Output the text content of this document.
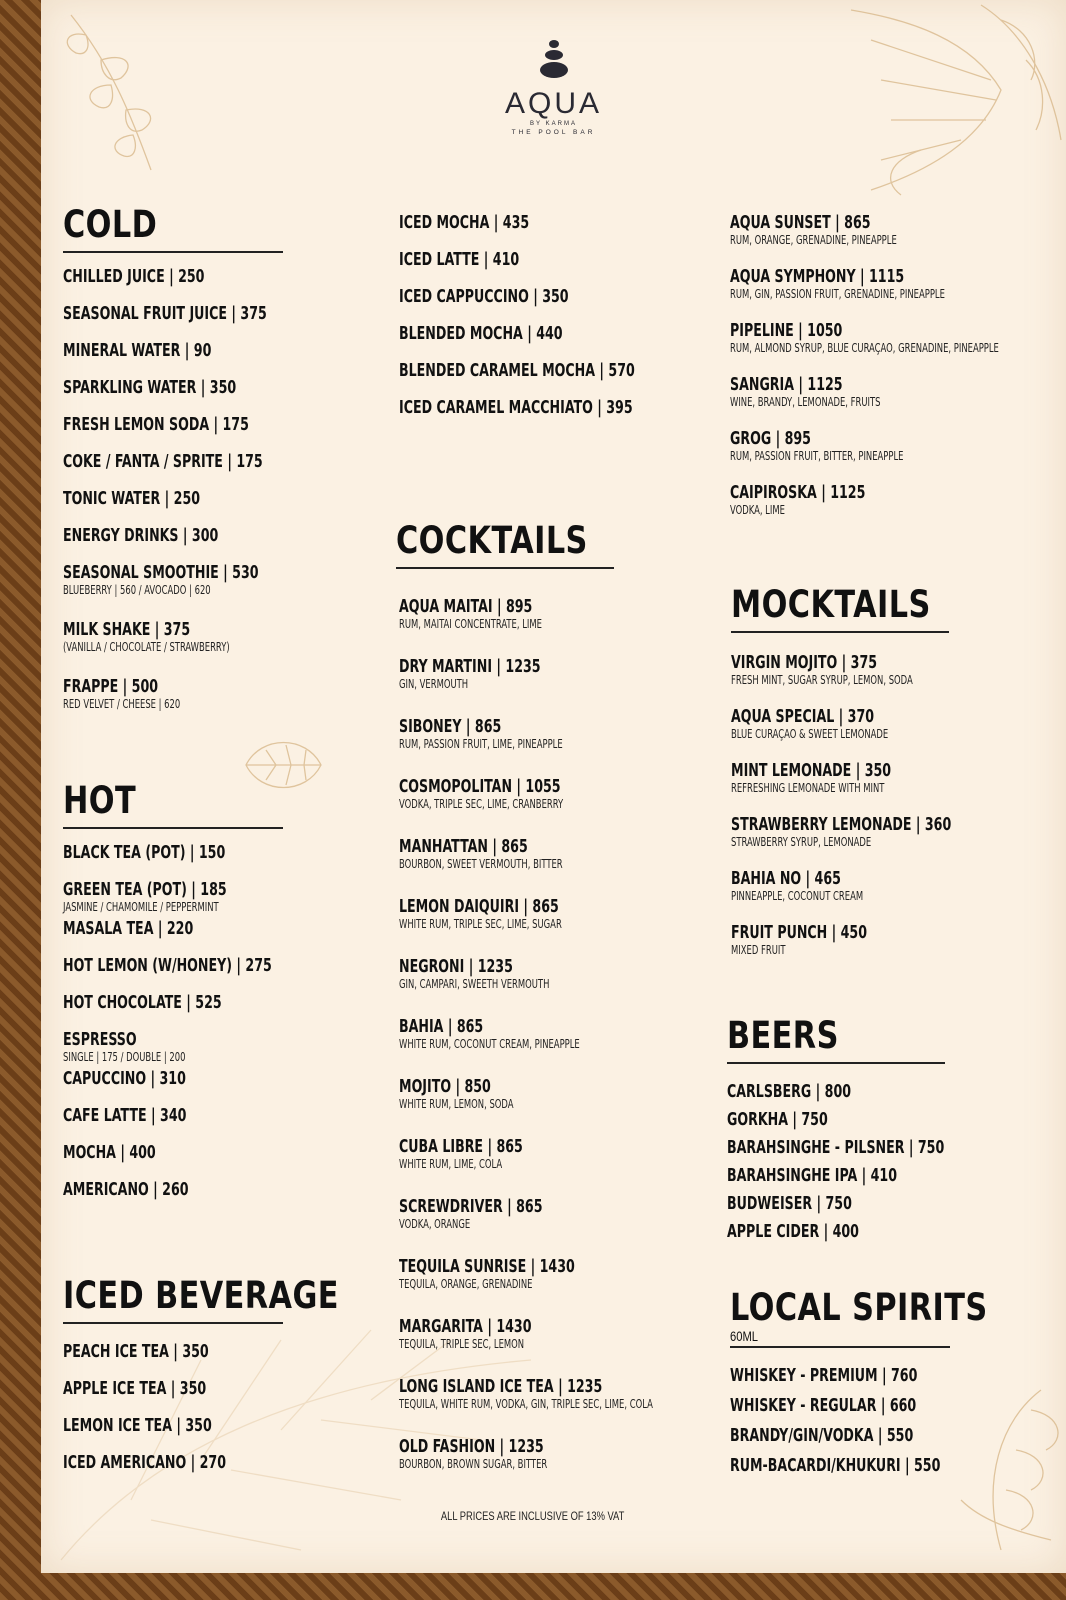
AQUA
BY KARMA
THE POOL BAR
COLD
CHILLED JUICE | 250
SEASONAL FRUIT JUICE | 375
MINERAL WATER | 90
SPARKLING WATER | 350
FRESH LEMON SODA | 175
COKE / FANTA / SPRITE | 175
TONIC WATER | 250
ENERGY DRINKS | 300
SEASONAL SMOOTHIE | 530
BLUEBERRY | 560 / AVOCADO | 620
MILK SHAKE | 375
(VANILLA / CHOCOLATE / STRAWBERRY)
FRAPPE | 500
RED VELVET / CHEESE | 620
HOT
BLACK TEA (POT) | 150
GREEN TEA (POT) | 185
JASMINE / CHAMOMILE / PEPPERMINT
MASALA TEA | 220
HOT LEMON (W/HONEY) | 275
HOT CHOCOLATE | 525
ESPRESSO
SINGLE | 175 / DOUBLE | 200
CAPUCCINO | 310
CAFE LATTE | 340
MOCHA | 400
AMERICANO | 260
ICED BEVERAGE
PEACH ICE TEA | 350
APPLE ICE TEA | 350
LEMON ICE TEA | 350
ICED AMERICANO | 270
ICED MOCHA | 435
ICED LATTE | 410
ICED CAPPUCCINO | 350
BLENDED MOCHA | 440
BLENDED CARAMEL MOCHA | 570
ICED CARAMEL MACCHIATO | 395
COCKTAILS
AQUA MAITAI | 895
RUM, MAITAI CONCENTRATE, LIME
DRY MARTINI | 1235
GIN, VERMOUTH
SIBONEY | 865
RUM, PASSION FRUIT, LIME, PINEAPPLE
COSMOPOLITAN | 1055
VODKA, TRIPLE SEC, LIME, CRANBERRY
MANHATTAN | 865
BOURBON, SWEET VERMOUTH, BITTER
LEMON DAIQUIRI | 865
WHITE RUM, TRIPLE SEC, LIME, SUGAR
NEGRONI | 1235
GIN, CAMPARI, SWEETH VERMOUTH
BAHIA | 865
WHITE RUM, COCONUT CREAM, PINEAPPLE
MOJITO | 850
WHITE RUM, LEMON, SODA
CUBA LIBRE | 865
WHITE RUM, LIME, COLA
SCREWDRIVER | 865
VODKA, ORANGE
TEQUILA SUNRISE | 1430
TEQUILA, ORANGE, GRENADINE
MARGARITA | 1430
TEQUILA, TRIPLE SEC, LEMON
LONG ISLAND ICE TEA | 1235
TEQUILA, WHITE RUM, VODKA, GIN, TRIPLE SEC, LIME, COLA
OLD FASHION | 1235
BOURBON, BROWN SUGAR, BITTER
AQUA SUNSET | 865
RUM, ORANGE, GRENADINE, PINEAPPLE
AQUA SYMPHONY | 1115
RUM, GIN, PASSION FRUIT, GRENADINE, PINEAPPLE
PIPELINE | 1050
RUM, ALMOND SYRUP, BLUE CURAÇAO, GRENADINE, PINEAPPLE
SANGRIA | 1125
WINE, BRANDY, LEMONADE, FRUITS
GROG | 895
RUM, PASSION FRUIT, BITTER, PINEAPPLE
CAIPIROSKA | 1125
VODKA, LIME
MOCKTAILS
VIRGIN MOJITO | 375
FRESH MINT, SUGAR SYRUP, LEMON, SODA
AQUA SPECIAL | 370
BLUE CURAÇAO & SWEET LEMONADE
MINT LEMONADE | 350
REFRESHING LEMONADE WITH MINT
STRAWBERRY LEMONADE | 360
STRAWBERRY SYRUP, LEMONADE
BAHIA NO | 465
PINNEAPPLE, COCONUT CREAM
FRUIT PUNCH | 450
MIXED FRUIT
BEERS
CARLSBERG | 800
GORKHA | 750
BARAHSINGHE - PILSNER | 750
BARAHSINGHE IPA | 410
BUDWEISER | 750
APPLE CIDER | 400
LOCAL SPIRITS
60ML
WHISKEY - PREMIUM | 760
WHISKEY - REGULAR | 660
BRANDY/GIN/VODKA | 550
RUM-BACARDI/KHUKURI | 550
ALL PRICES ARE INCLUSIVE OF 13% VAT
